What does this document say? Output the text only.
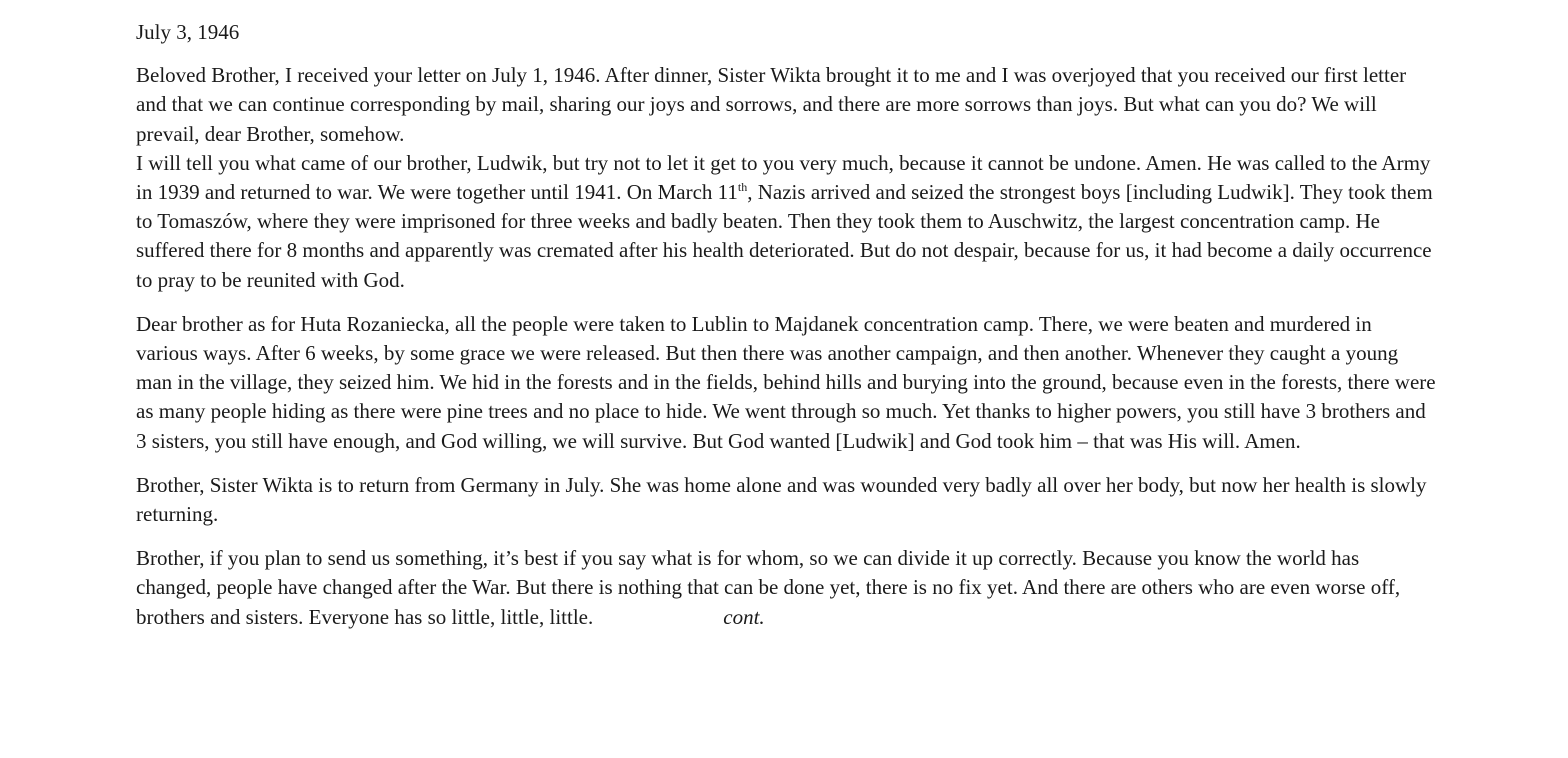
July 3, 1946

Beloved Brother, I received your letter on July 1, 1946. After dinner, Sister Wikta brought it to me and I was overjoyed that you received our first letter and that we can continue corresponding by mail, sharing our joys and sorrows, and there are more sorrows than joys. But what can you do? We will prevail, dear Brother, somehow.

I will tell you what came of our brother, Ludwik, but try not to let it get to you very much, because it cannot be undone. Amen. He was called to the Army in 1939 and returned to war. We were together until 1941. On March 11th, Nazis arrived and seized the strongest boys [including Ludwik]. They took them to Tomaszów, where they were imprisoned for three weeks and badly beaten. Then they took them to Auschwitz, the largest concentration camp. He suffered there for 8 months and apparently was cremated after his health deteriorated. But do not despair, because for us, it had become a daily occurrence to pray to be reunited with God.

Dear brother as for Huta Rozaniecka, all the people were taken to Lublin to Majdanek concentration camp. There, we were beaten and murdered in various ways. After 6 weeks, by some grace we were released. But then there was another campaign, and then another. Whenever they caught a young man in the village, they seized him. We hid in the forests and in the fields, behind hills and burying into the ground, because even in the forests, there were as many people hiding as there were pine trees and no place to hide. We went through so much. Yet thanks to higher powers, you still have 3 brothers and 3 sisters, you still have enough, and God willing, we will survive. But God wanted [Ludwik] and God took him – that was His will. Amen.

Brother, Sister Wikta is to return from Germany in July. She was home alone and was wounded very badly all over her body, but now her health is slowly returning.

Brother, if you plan to send us something, it’s best if you say what is for whom, so we can divide it up correctly. Because you know the world has changed, people have changed after the War. But there is nothing that can be done yet, there is no fix yet. And there are others who are even worse off, brothers and sisters. Everyone has so little, little, little.	cont.
